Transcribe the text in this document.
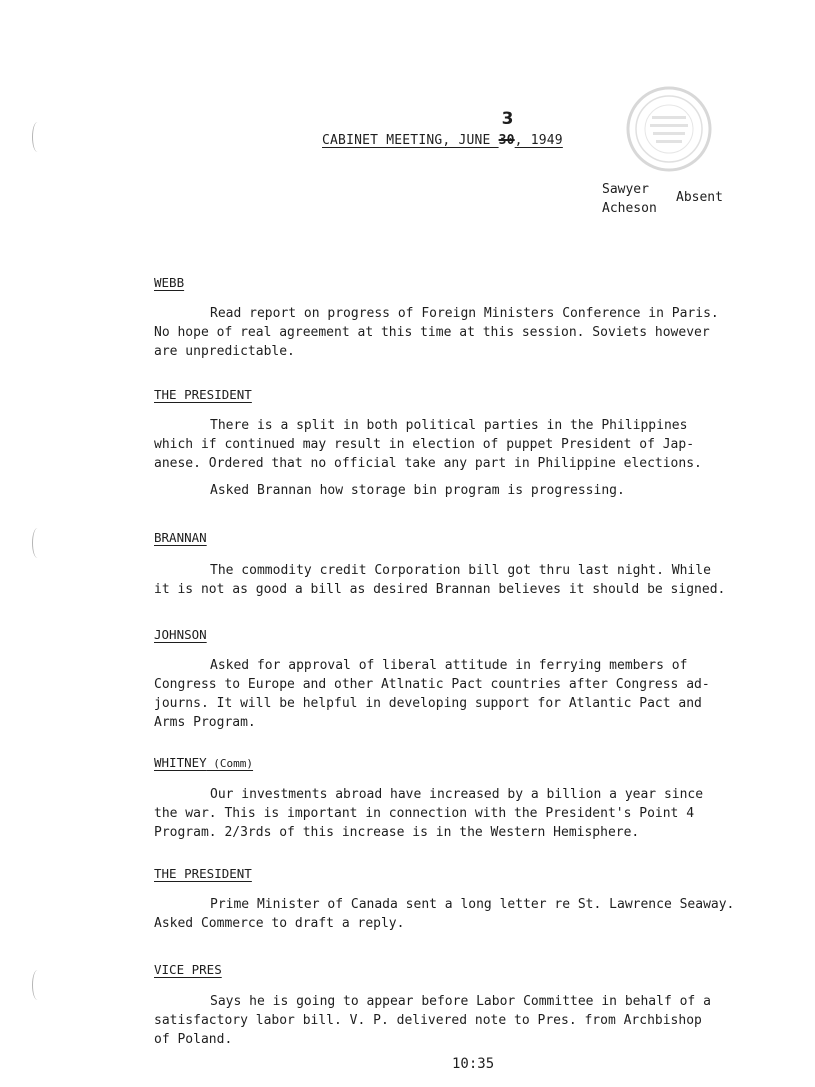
CABINET MEETING, JUNE 30
3
, 1949
Sawyer
Acheson
Absent
WEBB
Read report on progress of Foreign Ministers Conference in Paris.
No hope of real agreement at this time at this session. Soviets however
are unpredictable.
THE PRESIDENT
There is a split in both political parties in the Philippines
which if continued may result in election of puppet President of Jap-
anese. Ordered that no official take any part in Philippine elections.
Asked Brannan how storage bin program is progressing.
BRANNAN
The commodity credit Corporation bill got thru last night. While
it is not as good a bill as desired Brannan believes it should be signed.
JOHNSON
Asked for approval of liberal attitude in ferrying members of
Congress to Europe and other Atlnatic Pact countries after Congress ad-
journs. It will be helpful in developing support for Atlantic Pact and
Arms Program.
WHITNEY (Comm)
Our investments abroad have increased by a billion a year since
the war. This is important in connection with the President's Point 4
Program. 2/3rds of this increase is in the Western Hemisphere.
THE PRESIDENT
Prime Minister of Canada sent a long letter re St. Lawrence Seaway.
Asked Commerce to draft a reply.
VICE PRES
Says he is going to appear before Labor Committee in behalf of a
satisfactory labor bill. V. P. delivered note to Pres. from Archbishop
of Poland.
10:35
